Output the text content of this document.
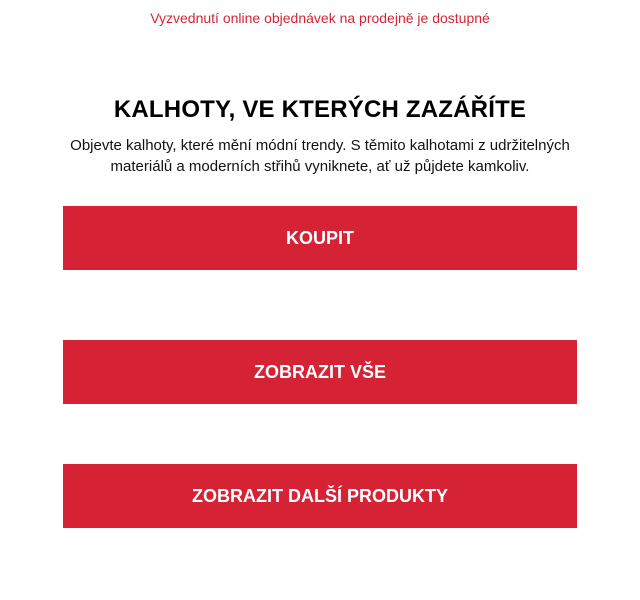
Vyzvednutí online objednávek na prodejně je dostupné
KALHOTY, VE KTERÝCH ZAZÁŘÍTE

Objevte kalhoty, které mění módní trendy. S těmito kalhotami z udržitelných materiálů a moderních střihů vyniknete, ať už půjdete kamkoliv.

KOUPIT
ZOBRAZIT VŠE
ZOBRAZIT DALŠÍ PRODUKTY
